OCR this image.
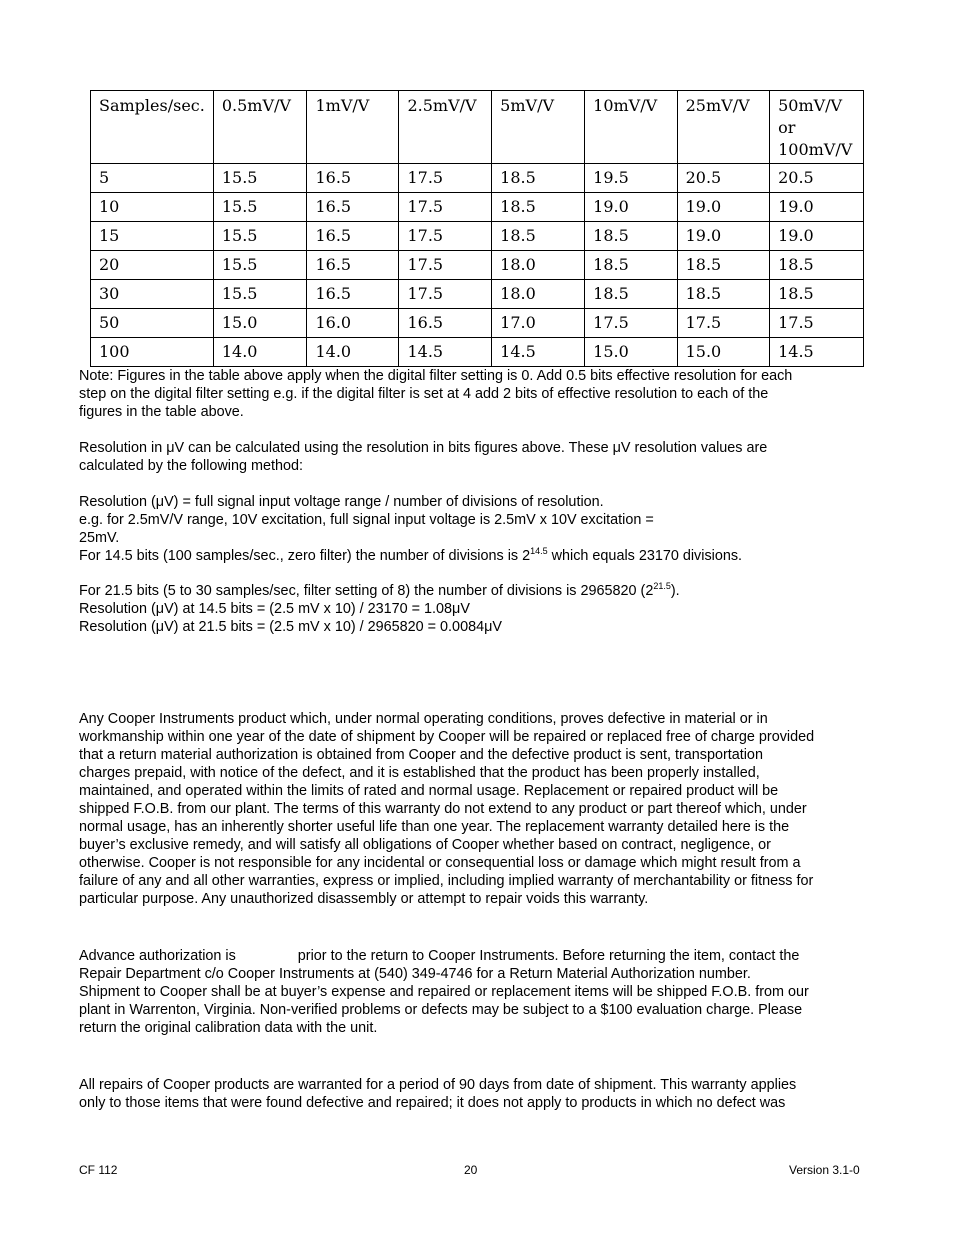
Samples/sec.	0.5mV/V	1mV/V	2.5mV/V	5mV/V	10mV/V	25mV/V	50mV/V
or
100mV/V

5	15.5	16.5	17.5	18.5	19.5	20.5	20.5
10	15.5	16.5	17.5	18.5	19.0	19.0	19.0
15	15.5	16.5	17.5	18.5	18.5	19.0	19.0
20	15.5	16.5	17.5	18.0	18.5	18.5	18.5
30	15.5	16.5	17.5	18.0	18.5	18.5	18.5
50	15.0	16.0	16.5	17.0	17.5	17.5	17.5
100	14.0	14.0	14.5	14.5	15.0	15.0	14.5

Note: Figures in the table above apply when the digital filter setting is 0. Add 0.5 bits effective resolution for each
step on the digital filter setting e.g. if the digital filter is set at 4 add 2 bits of effective resolution to each of the
figures in the table above.

Resolution in μV can be calculated using the resolution in bits figures above. These μV resolution values are
calculated by the following method:

Resolution (μV) = full signal input voltage range / number of divisions of resolution.
e.g. for 2.5mV/V range, 10V excitation, full signal input voltage is 2.5mV x 10V excitation =
25mV.
For 14.5 bits (100 samples/sec., zero filter) the number of divisions is $2^{14.5}$ which equals 23170 divisions.

For 21.5 bits (5 to 30 samples/sec, filter setting of 8) the number of divisions is 2965820 $(2^{21.5})$.
Resolution (μV) at 14.5 bits = (2.5 mV x 10) / 23170 = 1.08μV
Resolution (μV) at 21.5 bits = (2.5 mV x 10) / 2965820 = 0.0084μV

Any Cooper Instruments product which, under normal operating conditions, proves defective in material or in
workmanship within one year of the date of shipment by Cooper will be repaired or replaced free of charge provided
that a return material authorization is obtained from Cooper and the defective product is sent, transportation
charges prepaid, with notice of the defect, and it is established that the product has been properly installed,
maintained, and operated within the limits of rated and normal usage. Replacement or repaired product will be
shipped F.O.B. from our plant. The terms of this warranty do not extend to any product or part thereof which, under
normal usage, has an inherently shorter useful life than one year. The replacement warranty detailed here is the
buyer’s exclusive remedy, and will satisfy all obligations of Cooper whether based on contract, negligence, or
otherwise. Cooper is not responsible for any incidental or consequential loss or damage which might result from a
failure of any and all other warranties, express or implied, including implied warranty of merchantability or fitness for
particular purpose. Any unauthorized disassembly or attempt to repair voids this warranty.

Advance authorization is	prior to the return to Cooper Instruments. Before returning the item, contact the
Repair Department c/o Cooper Instruments at (540) 349-4746 for a Return Material Authorization number.
Shipment to Cooper shall be at buyer’s expense and repaired or replacement items will be shipped F.O.B. from our
plant in Warrenton, Virginia. Non-verified problems or defects may be subject to a $100 evaluation charge. Please
return the original calibration data with the unit.

All repairs of Cooper products are warranted for a period of 90 days from date of shipment. This warranty applies
only to those items that were found defective and repaired; it does not apply to products in which no defect was

CF 112	20	Version 3.1-0
